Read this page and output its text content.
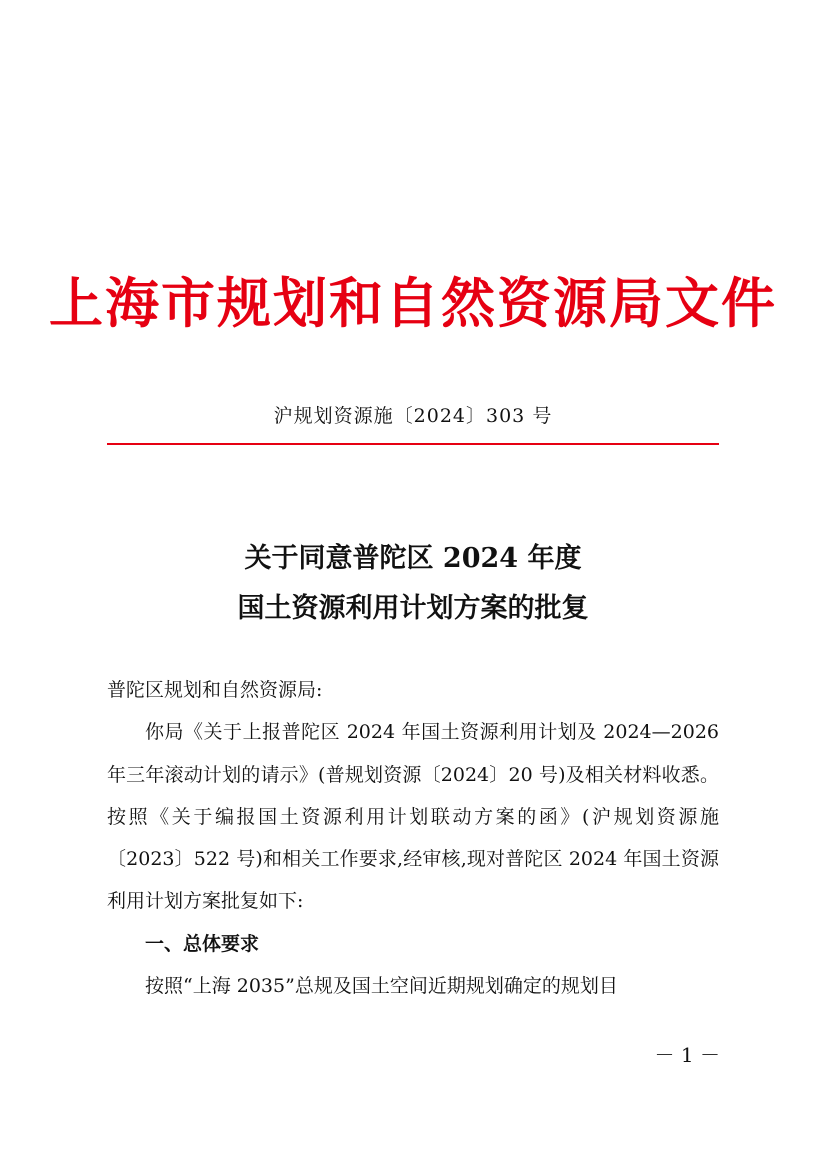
上海市规划和自然资源局文件
沪规划资源施〔2024〕303 号
关于同意普陀区 2024 年度
国土资源利用计划方案的批复

普陀区规划和自然资源局:

你局《关于上报普陀区 2024 年国土资源利用计划及 2024—2026 年三年滚动计划的请示》(普规划资源〔2024〕20 号)及相关材料收悉。按照《关于编报国土资源利用计划联动方案的函》(沪规划资源施〔2023〕522 号)和相关工作要求,经审核,现对普陀区 2024 年国土资源利用计划方案批复如下:

一、总体要求

按照“上海 2035”总规及国土空间近期规划确定的规划目

－ 1 －
